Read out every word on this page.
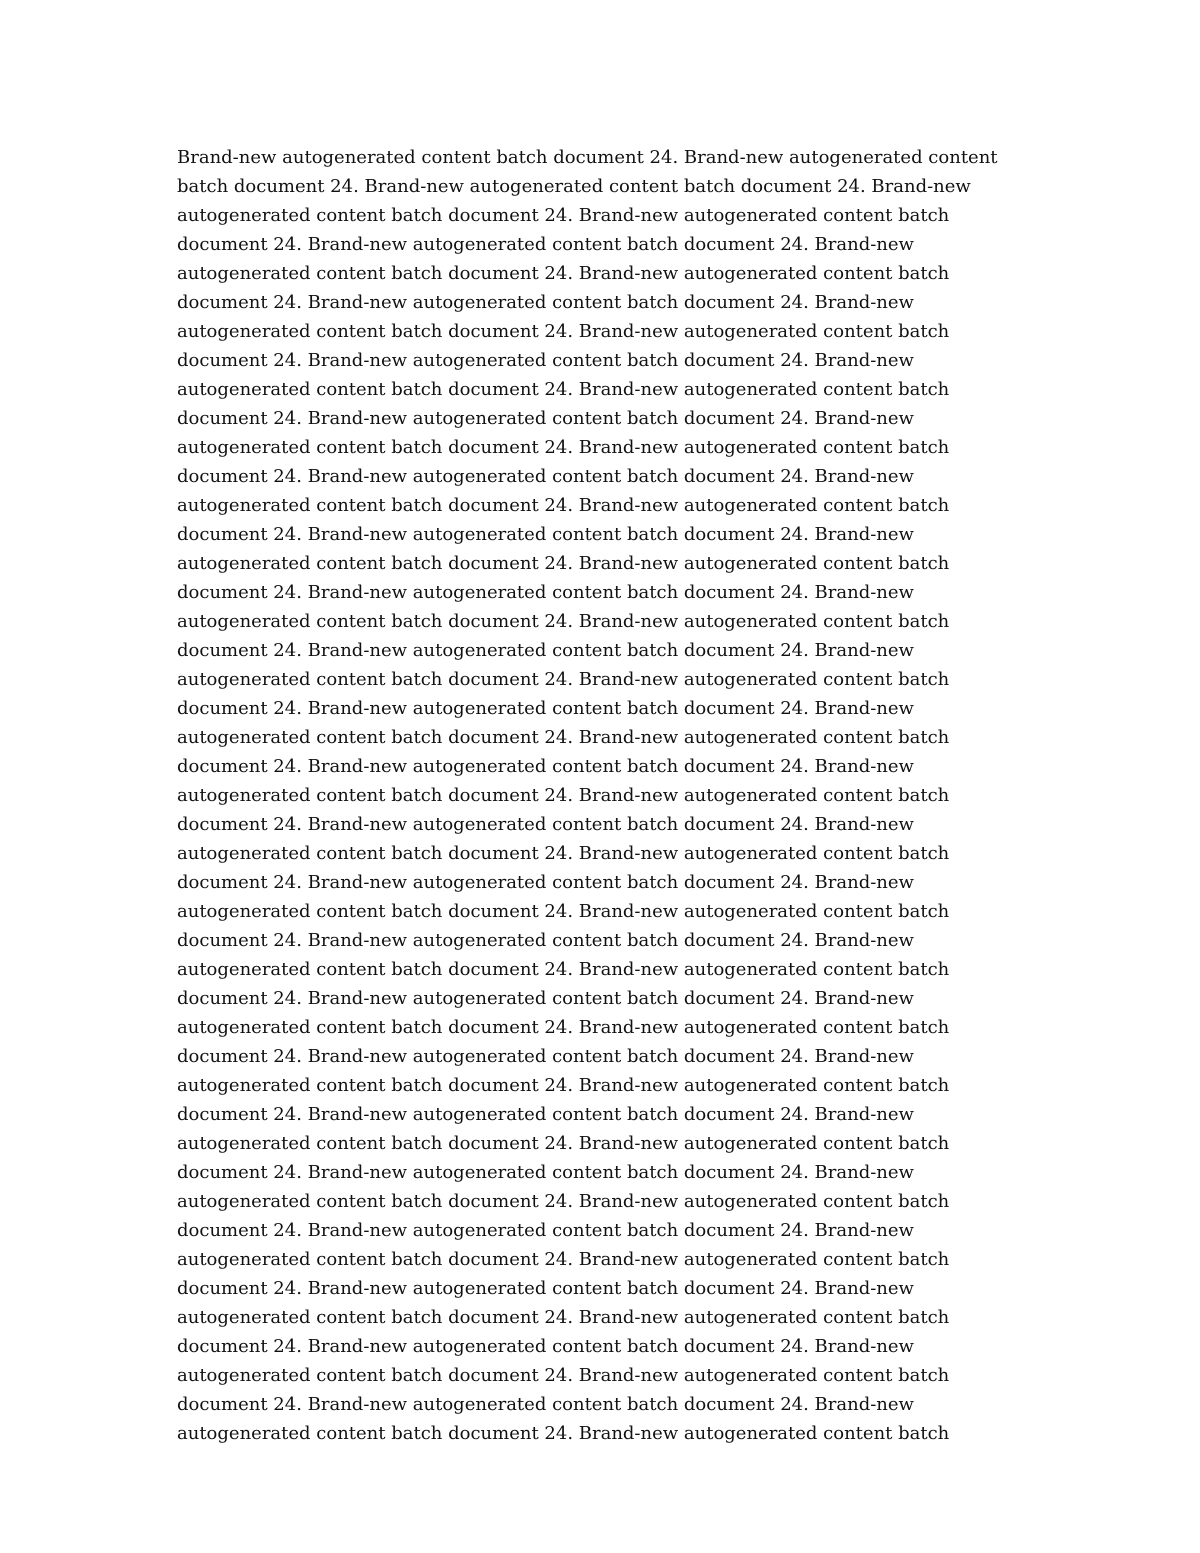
Brand-new autogenerated content batch document 24. Brand-new autogenerated content
batch document 24. Brand-new autogenerated content batch document 24. Brand-new
autogenerated content batch document 24. Brand-new autogenerated content batch
document 24. Brand-new autogenerated content batch document 24. Brand-new
autogenerated content batch document 24. Brand-new autogenerated content batch
document 24. Brand-new autogenerated content batch document 24. Brand-new
autogenerated content batch document 24. Brand-new autogenerated content batch
document 24. Brand-new autogenerated content batch document 24. Brand-new
autogenerated content batch document 24. Brand-new autogenerated content batch
document 24. Brand-new autogenerated content batch document 24. Brand-new
autogenerated content batch document 24. Brand-new autogenerated content batch
document 24. Brand-new autogenerated content batch document 24. Brand-new
autogenerated content batch document 24. Brand-new autogenerated content batch
document 24. Brand-new autogenerated content batch document 24. Brand-new
autogenerated content batch document 24. Brand-new autogenerated content batch
document 24. Brand-new autogenerated content batch document 24. Brand-new
autogenerated content batch document 24. Brand-new autogenerated content batch
document 24. Brand-new autogenerated content batch document 24. Brand-new
autogenerated content batch document 24. Brand-new autogenerated content batch
document 24. Brand-new autogenerated content batch document 24. Brand-new
autogenerated content batch document 24. Brand-new autogenerated content batch
document 24. Brand-new autogenerated content batch document 24. Brand-new
autogenerated content batch document 24. Brand-new autogenerated content batch
document 24. Brand-new autogenerated content batch document 24. Brand-new
autogenerated content batch document 24. Brand-new autogenerated content batch
document 24. Brand-new autogenerated content batch document 24. Brand-new
autogenerated content batch document 24. Brand-new autogenerated content batch
document 24. Brand-new autogenerated content batch document 24. Brand-new
autogenerated content batch document 24. Brand-new autogenerated content batch
document 24. Brand-new autogenerated content batch document 24. Brand-new
autogenerated content batch document 24. Brand-new autogenerated content batch
document 24. Brand-new autogenerated content batch document 24. Brand-new
autogenerated content batch document 24. Brand-new autogenerated content batch
document 24. Brand-new autogenerated content batch document 24. Brand-new
autogenerated content batch document 24. Brand-new autogenerated content batch
document 24. Brand-new autogenerated content batch document 24. Brand-new
autogenerated content batch document 24. Brand-new autogenerated content batch
document 24. Brand-new autogenerated content batch document 24. Brand-new
autogenerated content batch document 24. Brand-new autogenerated content batch
document 24. Brand-new autogenerated content batch document 24. Brand-new
autogenerated content batch document 24. Brand-new autogenerated content batch
document 24. Brand-new autogenerated content batch document 24. Brand-new
autogenerated content batch document 24. Brand-new autogenerated content batch
document 24. Brand-new autogenerated content batch document 24. Brand-new
autogenerated content batch document 24. Brand-new autogenerated content batch
